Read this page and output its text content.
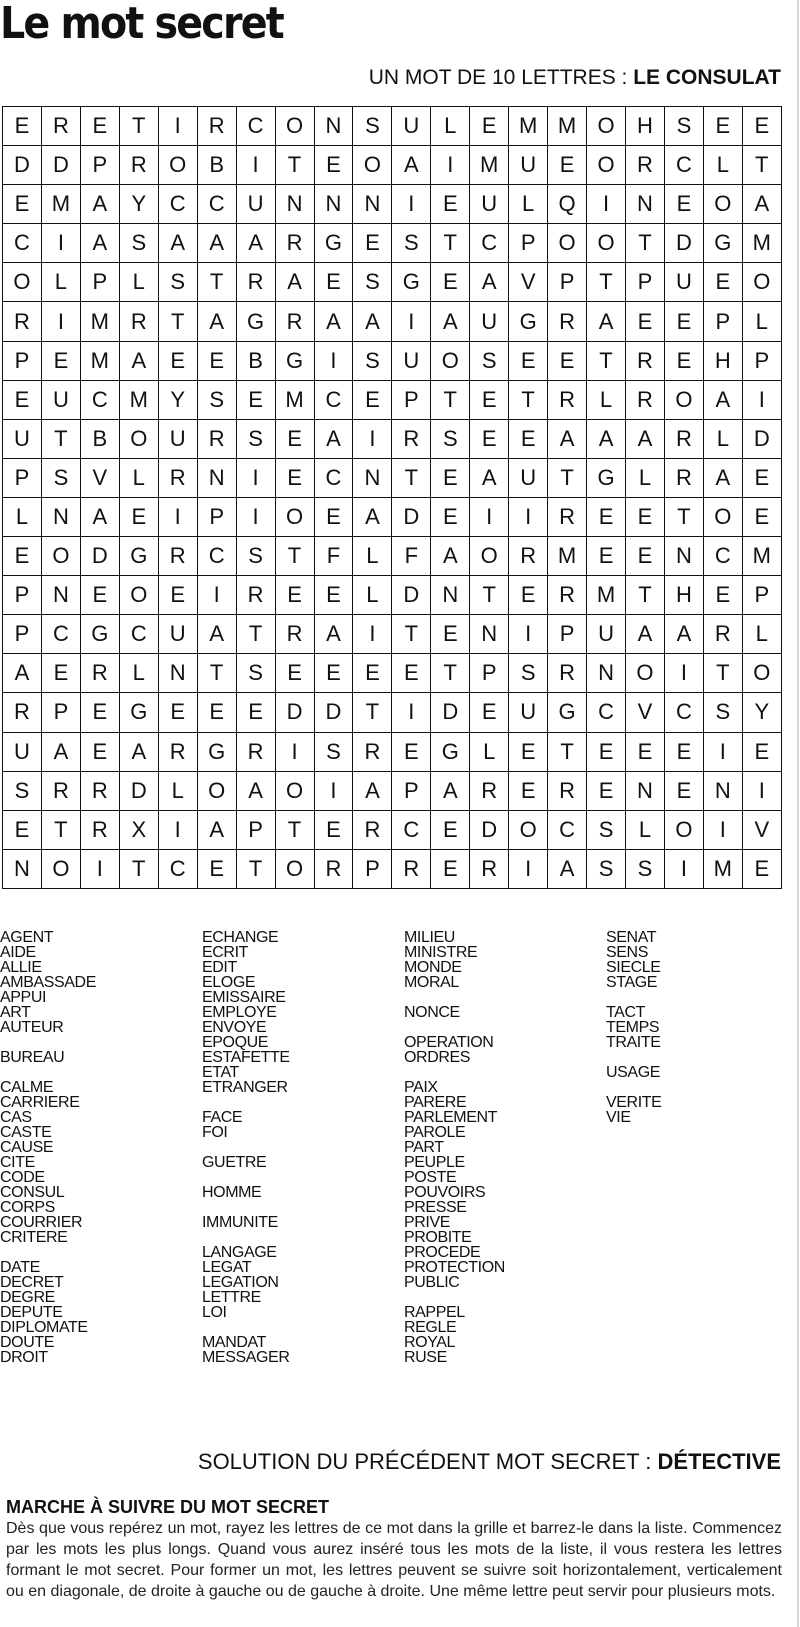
Le mot secret
UN MOT DE 10 LETTRES : LE CONSULAT
E	R	E	T	I	R	C	O	N	S	U	L	E	M M O	H	S	E	E
D	D	P	R	O	B	I	T	E	O	A	I	M U	E	O	R	C	L	T
E	M	A	Y	C	C	U	N	N	N	I	E	U	L	Q	I	N	E	O	A
C	I	A	S	A	A	A	R	G	E	S	T	C	P	O O	T	D	G M
O	L	P	L	S	T	R	A	E	S	G	E	A	V	P	T	P	U	E	O
R	I	M R	T	A	G	R	A	A	I	A	U	G	R	A	E	E	P	L
P	E	M	A	E	E	B	G	I	S	U	O	S	E	E	T	R	E	H	P
E	U	C M	Y	S	E	M C	E	P	T	E	T	R	L	R	O	A	I
U	T	B	O	U	R	S	E	A	I	R	S	E	E	A	A	A	R	L	D
P	S	V	L	R	N	I	E	C	N	T	E	A	U	T	G	L	R	A	E
L	N	A	E	I	P	I	O	E	A	D	E	I	I	R	E	E	T	O	E
E	O	D	G	R	C	S	T	F	L	F	A	O	R M	E	E	N	C M
P	N	E	O	E	I	R	E	E	L	D	N	T	E	R M	T	H	E	P
P	C	G	C	U	A	T	R	A	I	T	E	N	I	P	U	A	A	R	L
A	E	R	L	N	T	S	E	E	E	E	T	P	S	R	N	O	I	T	O
R	P	E	G	E	E	E	D	D	T	I	D	E	U	G	C	V	C	S	Y
U	A	E	A	R	G	R	I	S	R	E	G	L	E	T	E	E	E	I	E
S	R	R	D	L	O	A	O	I	A	P	A	R	E	R	E	N	E	N	I
E	T	R	X	I	A	P	T	E	R	C	E	D	O	C	S	L	O	I	V
N	O	I	T	C	E	T	O	R	P	R	E	R	I	A	S	S	I	M	E
AGENT
AIDE
ALLIE
AMBASSADE
APPUI
ART
AUTEUR
BUREAU
CALME
CARRIERE
CAS
CASTE
CAUSE
CITE
CODE
CONSUL
CORPS
COURRIER
CRITERE
DATE
DECRET
DEGRE
DEPUTE
DIPLOMATE
DOUTE
DROIT
ECHANGE
ECRIT
EDIT
ELOGE
EMISSAIRE
EMPLOYE
ENVOYE
EPOQUE
ESTAFETTE
ETAT
ETRANGER
FACE
FOI
GUETRE
HOMME
IMMUNITE
LANGAGE
LEGAT
LEGATION
LETTRE
LOI
MANDAT
MESSAGER
MILIEU
MINISTRE
MONDE
MORAL
NONCE
OPERATION
ORDRES
PAIX
PARERE
PARLEMENT
PAROLE
PART
PEUPLE
POSTE
POUVOIRS
PRESSE
PRIVE
PROBITE
PROCEDE
PROTECTION
PUBLIC
RAPPEL
REGLE
ROYAL
RUSE
SENAT
SENS
SIECLE
STAGE
TACT
TEMPS
TRAITE
USAGE
VERITE
VIE
SOLUTION DU PRÉCÉDENT MOT SECRET : DÉTECTIVE
MARCHE À SUIVRE DU MOT SECRET

Dès que vous repérez un mot, rayez les lettres de ce mot dans la grille et barrez-le dans la liste. Commencez par les mots les plus longs. Quand vous aurez inséré tous les mots de la liste, il vous restera les lettres formant le mot secret. Pour former un mot, les lettres peuvent se suivre soit horizontalement, verticalement ou en diagonale, de droite à gauche ou de gauche à droite. Une même lettre peut servir pour plusieurs mots.
